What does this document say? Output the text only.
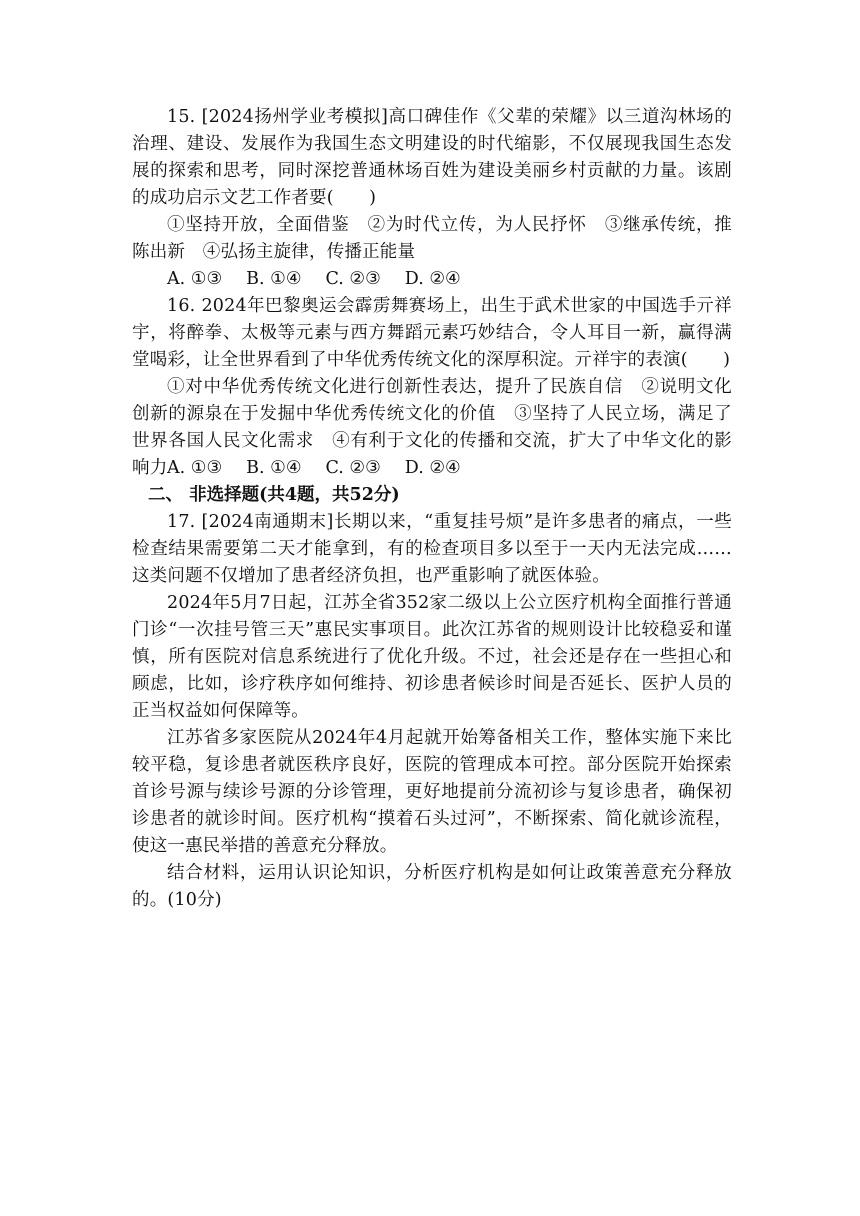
15. [2024扬州学业考模拟]高口碑佳作《父辈的荣耀》以三道沟林场的治理、建设、发展作为我国生态文明建设的时代缩影，不仅展现我国生态发展的探索和思考，同时深挖普通林场百姓为建设美丽乡村贡献的力量。该剧的成功启示文艺工作者要(　　)

①坚持开放，全面借鉴　②为时代立传，为人民抒怀　③继承传统，推陈出新　④弘扬主旋律，传播正能量

A. ①③ B. ①④ C. ②③ D. ②④

16. 2024年巴黎奥运会霹雳舞赛场上，出生于武术世家的中国选手亓祥宇，将醉拳、太极等元素与西方舞蹈元素巧妙结合，令人耳目一新，赢得满堂喝彩，让全世界看到了中华优秀传统文化的深厚积淀。亓祥宇的表演(　　)

①对中华优秀传统文化进行创新性表达，提升了民族自信　②说明文化创新的源泉在于发掘中华优秀传统文化的价值　③坚持了人民立场，满足了世界各国人民文化需求　④有利于文化的传播和交流，扩大了中华文化的影响力 A. ①③ B. ①④ C. ②③ D. ②④

二、 非选择题(共4题，共52分)

17. [2024南通期末]长期以来，“重复挂号烦”是许多患者的痛点，一些检查结果需要第二天才能拿到，有的检查项目多以至于一天内无法完成……这类问题不仅增加了患者经济负担，也严重影响了就医体验。

2024年5月7日起，江苏全省352家二级以上公立医疗机构全面推行普通门诊“一次挂号管三天”惠民实事项目。此次江苏省的规则设计比较稳妥和谨慎，所有医院对信息系统进行了优化升级。不过，社会还是存在一些担心和顾虑，比如，诊疗秩序如何维持、初诊患者候诊时间是否延长、医护人员的正当权益如何保障等。

江苏省多家医院从2024年4月起就开始筹备相关工作，整体实施下来比较平稳，复诊患者就医秩序良好，医院的管理成本可控。部分医院开始探索首诊号源与续诊号源的分诊管理，更好地提前分流初诊与复诊患者，确保初诊患者的就诊时间。医疗机构“摸着石头过河”，不断探索、简化就诊流程，使这一惠民举措的善意充分释放。

结合材料，运用认识论知识，分析医疗机构是如何让政策善意充分释放的。(10分)
